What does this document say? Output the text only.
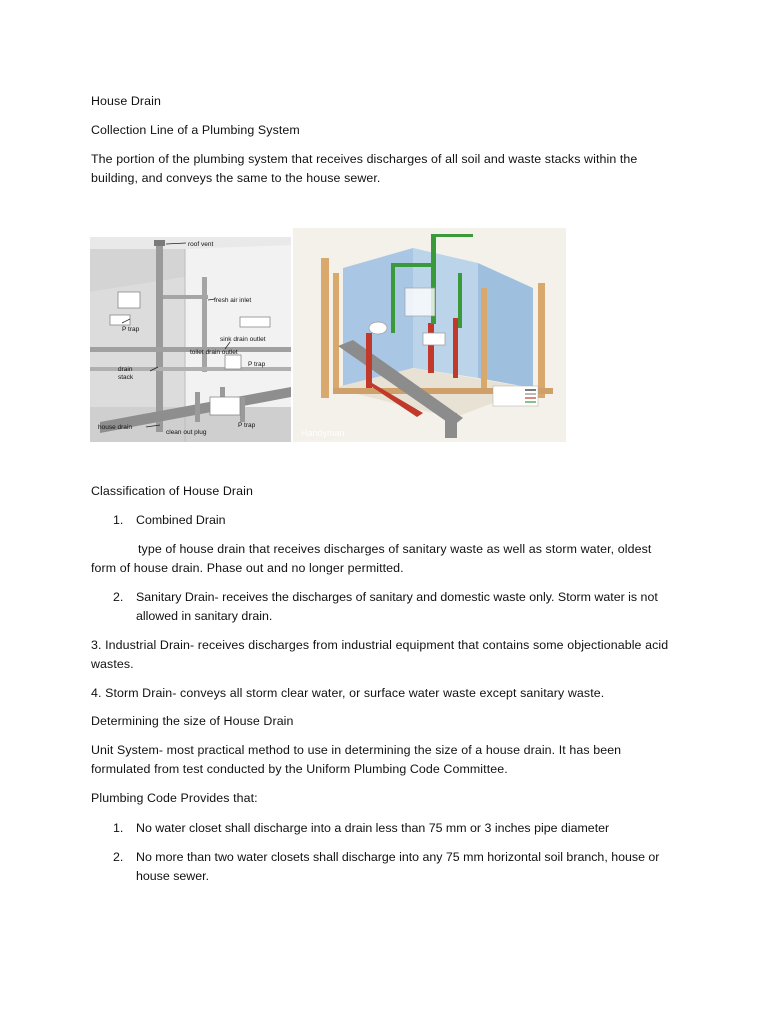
House Drain

Collection Line of a Plumbing System

The portion of the plumbing system that receives discharges of all soil and waste stacks within the

building, and conveys the same to the house sewer.

roof vent
fresh air inlet
P trap
sink drain outlet
toilet drain outlet
drain
stack
P trap
P trap
house drain
clean out plug	Handyman

Classification of House Drain

1. Combined Drain

type of house drain that receives discharges of sanitary waste as well as storm water, oldest

form of house drain. Phase out and no longer permitted.

2. Sanitary Drain- receives the discharges of sanitary and domestic waste only. Storm water is not
allowed in sanitary drain.

3. Industrial Drain- receives discharges from industrial equipment that contains some objectionable acid

wastes.

4. Storm Drain- conveys all storm clear water, or surface water waste except sanitary waste.

Determining the size of House Drain

Unit System- most practical method to use in determining the size of a house drain. It has been

formulated from test conducted by the Uniform Plumbing Code Committee.

Plumbing Code Provides that:

1. No water closet shall discharge into a drain less than 75 mm or 3 inches pipe diameter
2. No more than two water closets shall discharge into any 75 mm horizontal soil branch, house or
house sewer.
